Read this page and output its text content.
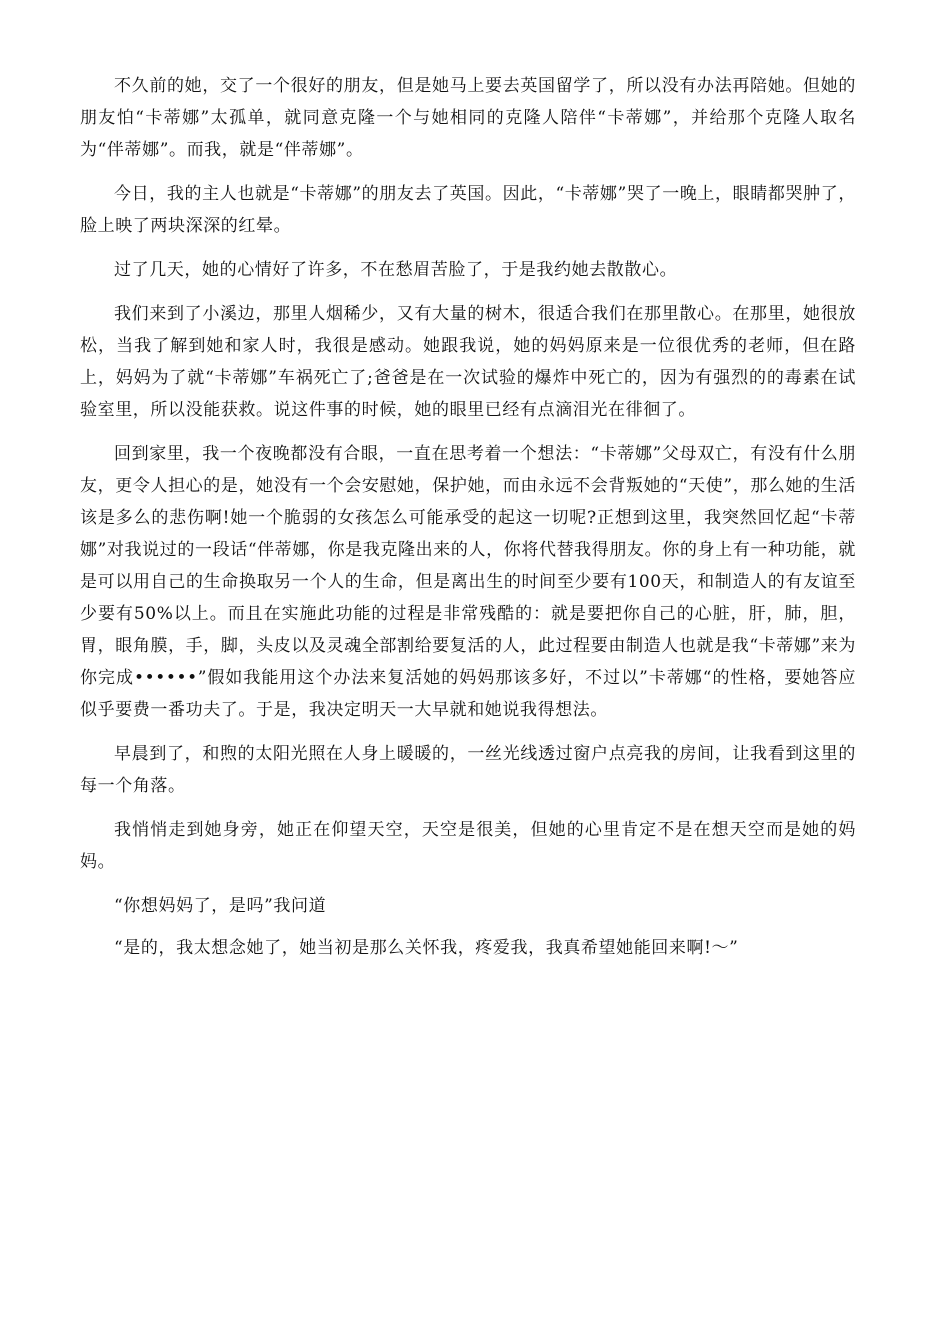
不久前的她，交了一个很好的朋友，但是她马上要去英国留学了，所以没有办法再陪她。但她的朋友怕“卡蒂娜”太孤单，就同意克隆一个与她相同的克隆人陪伴“卡蒂娜”，并给那个克隆人取名为“伴蒂娜”。而我，就是“伴蒂娜”。

今日，我的主人也就是“卡蒂娜”的朋友去了英国。因此，“卡蒂娜”哭了一晚上，眼睛都哭肿了，脸上映了两块深深的红晕。

过了几天，她的心情好了许多，不在愁眉苦脸了，于是我约她去散散心。

我们来到了小溪边，那里人烟稀少，又有大量的树木，很适合我们在那里散心。在那里，她很放松，当我了解到她和家人时，我很是感动。她跟我说，她的妈妈原来是一位很优秀的老师，但在路上，妈妈为了就“卡蒂娜”车祸死亡了;爸爸是在一次试验的爆炸中死亡的，因为有强烈的的毒素在试验室里，所以没能获救。说这件事的时候，她的眼里已经有点滴泪光在徘徊了。

回到家里，我一个夜晚都没有合眼，一直在思考着一个想法：“卡蒂娜”父母双亡，有没有什么朋友，更令人担心的是，她没有一个会安慰她，保护她，而由永远不会背叛她的“天使”，那么她的生活该是多么的悲伤啊!她一个脆弱的女孩怎么可能承受的起这一切呢?正想到这里，我突然回忆起“卡蒂娜”对我说过的一段话“伴蒂娜，你是我克隆出来的人，你将代替我得朋友。你的身上有一种功能，就是可以用自己的生命换取另一个人的生命，但是离出生的时间至少要有100天，和制造人的有友谊至少要有50%以上。而且在实施此功能的过程是非常残酷的：就是要把你自己的心脏，肝，肺，胆，胃，眼角膜，手，脚，头皮以及灵魂全部割给要复活的人，此过程要由制造人也就是我“卡蒂娜”来为你完成••••••”假如我能用这个办法来复活她的妈妈那该多好，不过以”卡蒂娜“的性格，要她答应似乎要费一番功夫了。于是，我决定明天一大早就和她说我得想法。

早晨到了，和煦的太阳光照在人身上暖暖的，一丝光线透过窗户点亮我的房间，让我看到这里的每一个角落。

我悄悄走到她身旁，她正在仰望天空，天空是很美，但她的心里肯定不是在想天空而是她的妈妈。

“你想妈妈了，是吗”我问道

“是的，我太想念她了，她当初是那么关怀我，疼爱我，我真希望她能回来啊!～”
